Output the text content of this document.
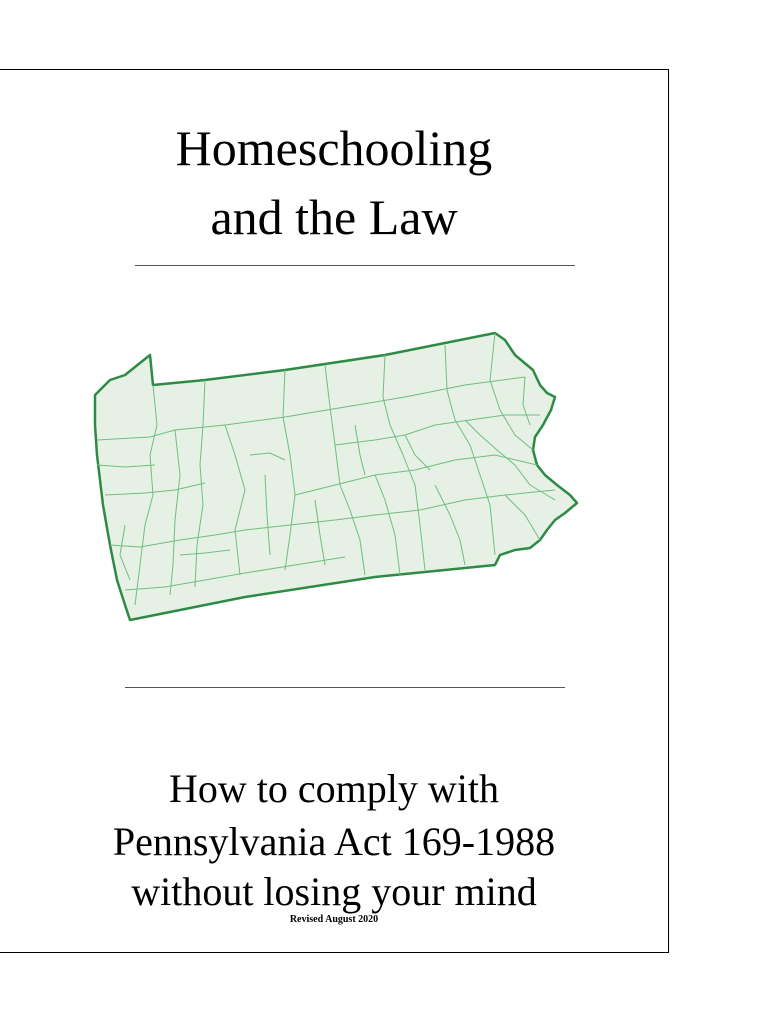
Homeschooling
and the Law

How to comply with

Pennsylvania Act 169-1988

without losing your mind

Revised August 2020
